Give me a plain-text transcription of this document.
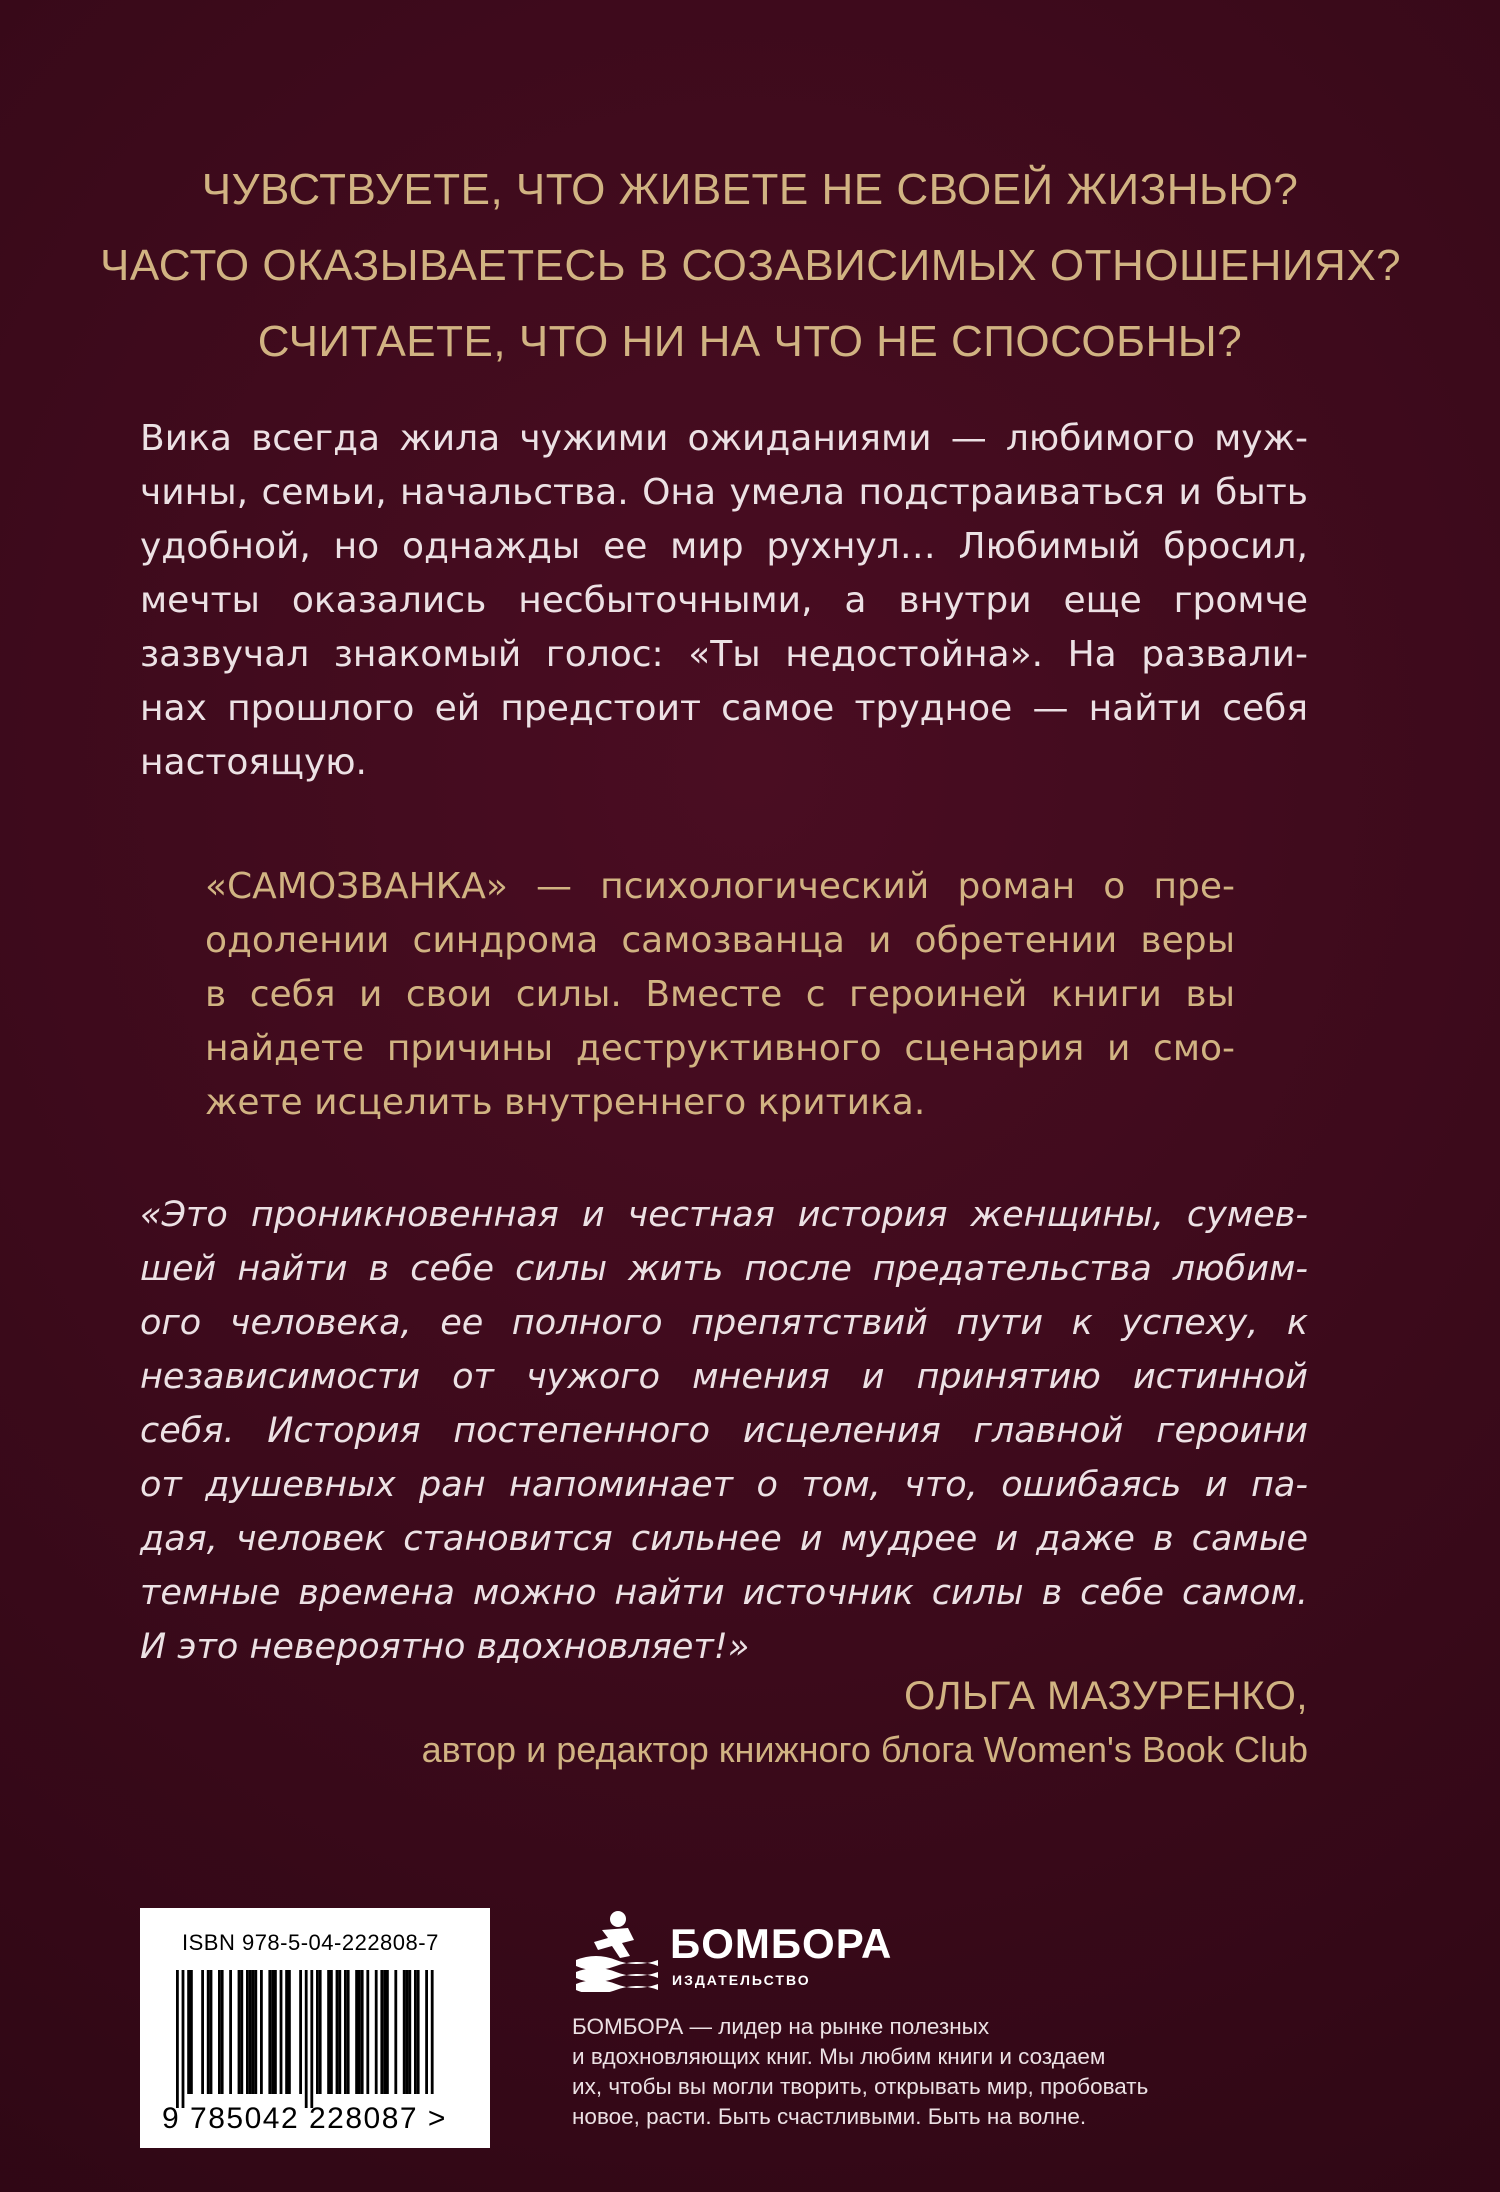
ЧУВСТВУЕТЕ, ЧТО ЖИВЕТЕ НЕ СВОЕЙ ЖИЗНЬЮ?
ЧАСТО ОКАЗЫВАЕТЕСЬ В СОЗАВИСИМЫХ ОТНОШЕНИЯХ?
СЧИТАЕТЕ, ЧТО НИ НА ЧТО НЕ СПОСОБНЫ?
Вика всегда жила чужими ожиданиями — любимого муж-
чины, семьи, начальства. Она умела подстраиваться и быть
удобной, но однажды ее мир рухнул… Любимый бросил,
мечты оказались несбыточными, а внутри еще громче
зазвучал знакомый голос: «Ты недостойна». На развали-
нах прошлого ей предстоит самое трудное — найти себя
настоящую.
«САМОЗВАНКА» — психологический роман о пре-
одолении синдрома самозванца и обретении веры
в себя и свои силы. Вместе с героиней книги вы
найдете причины деструктивного сценария и смо-
жете исцелить внутреннего критика.
«Это проникновенная и честная история женщины, сумев-
шей найти в себе силы жить после предательства любим-
ого человека, ее полного препятствий пути к успеху, к
независимости от чужого мнения и принятию истинной
себя. История постепенного исцеления главной героини
от душевных ран напоминает о том, что, ошибаясь и па-
дая, человек становится сильнее и мудрее и даже в самые
темные времена можно найти источник силы в себе самом.
И это невероятно вдохновляет!»
ОЛЬГА МАЗУРЕНКО,
автор и редактор книжного блога Women's Book Club
ISBN 978-5-04-222808-7
9 785042 228087 >
БОМБОРА
ИЗДАТЕЛЬСТВО
БОМБОРА — лидер на рынке полезных
и вдохновляющих книг. Мы любим книги и создаем
их, чтобы вы могли творить, открывать мир, пробовать
новое, расти. Быть счастливыми. Быть на волне.
